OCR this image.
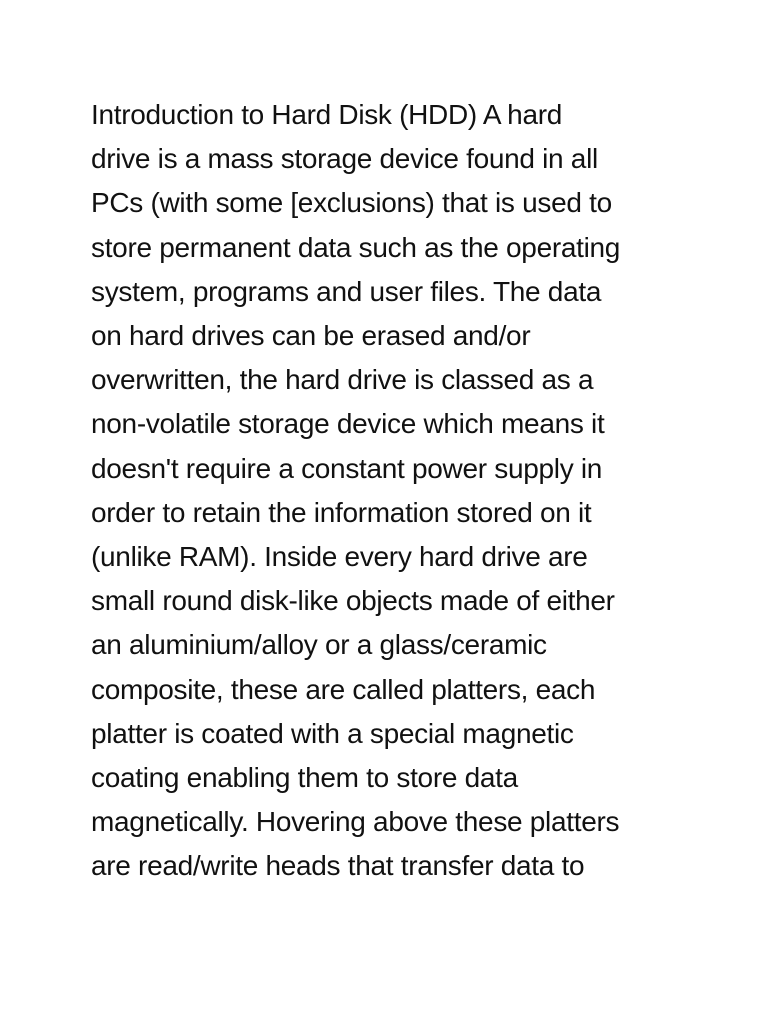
Introduction to Hard Disk (HDD) A hard
drive is a mass storage device found in all
PCs (with some [exclusions) that is used to
store permanent data such as the operating
system, programs and user files. The data
on hard drives can be erased and/or
overwritten, the hard drive is classed as a
non-volatile storage device which means it
doesn't require a constant power supply in
order to retain the information stored on it
(unlike RAM). Inside every hard drive are
small round disk-like objects made of either
an aluminium/alloy or a glass/ceramic
composite, these are called platters, each
platter is coated with a special magnetic
coating enabling them to store data
magnetically. Hovering above these platters
are read/write heads that transfer data to
